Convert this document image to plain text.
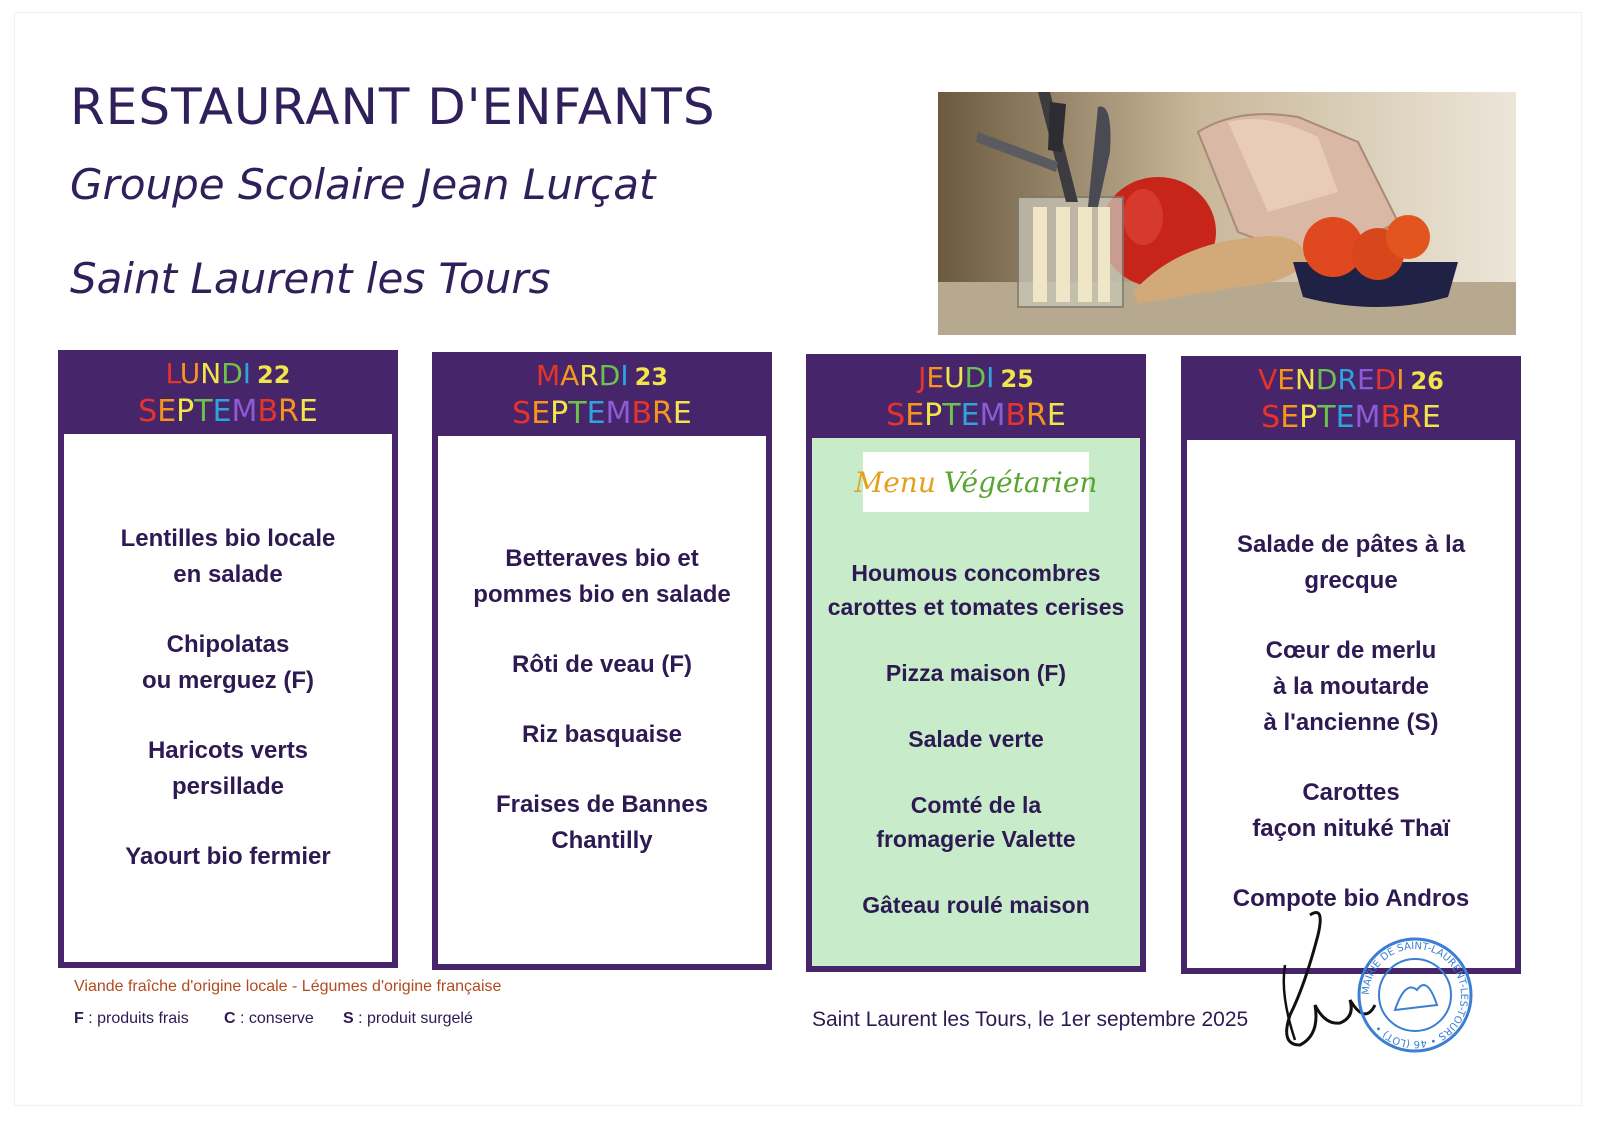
RESTAURANT D'ENFANTS
Groupe Scolaire Jean Lurçat
Saint Laurent les Tours
LUNDI 22
SEPTEMBRE
Lentilles bio locale
en salade
Chipolatas
ou merguez (F)
Haricots verts
persillade
Yaourt bio fermier
MARDI 23
SEPTEMBRE
Betteraves bio et
pommes bio en salade
Rôti de veau (F)
Riz basquaise
Fraises de Bannes
Chantilly
JEUDI 25
SEPTEMBRE
Menu Végétarien
Houmous concombres
carottes et tomates cerises
Pizza maison (F)
Salade verte
Comté de la
fromagerie Valette
Gâteau roulé maison
VENDREDI 26
SEPTEMBRE
Salade de pâtes à la
grecque
Cœur de merlu
à la moutarde
à l'ancienne (S)
Carottes
façon nituké Thaï
Compote bio Andros
Viande fraîche d'origine locale - Légumes d'origine française
F : produits frais C : conserve S : produit surgelé	Saint Laurent les Tours, le 1er septembre 2025
MAIRIE DE SAINT-LAURENT-LES-TOURS • 46 (LOT) •
